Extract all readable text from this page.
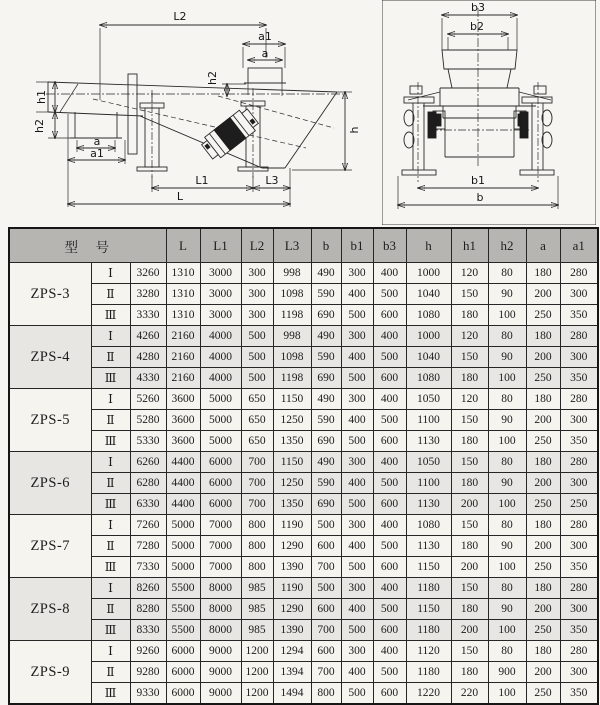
L2
a1
a
h2
a
a1
h1
h2	h
L1	L3
L
b3
b2
b1
b
型　号			L	L1	L2	L3	b	b1	b3	h	h1	h2	a	a1
ZPS-3	Ⅰ	3260	1310	3000	300	998	490	300	400	1000	120	80	180	280
	Ⅱ	3280	1310	3000	300	1098	590	400	500	1040	150	90	200	300
	Ⅲ	3330	1310	3000	300	1198	690	500	600	1080	180	100	250	350
ZPS-4	Ⅰ	4260	2160	4000	500	998	490	300	400	1000	120	80	180	280
	Ⅱ	4280	2160	4000	500	1098	590	400	500	1040	150	90	200	300
	Ⅲ	4330	2160	4000	500	1198	690	500	600	1080	180	100	250	350
ZPS-5	Ⅰ	5260	3600	5000	650	1150	490	300	400	1050	120	80	180	280
	Ⅱ	5280	3600	5000	650	1250	590	400	500	1100	150	90	200	300
	Ⅲ	5330	3600	5000	650	1350	690	500	600	1130	180	100	250	350
ZPS-6	Ⅰ	6260	4400	6000	700	1150	490	300	400	1050	150	80	180	280
	Ⅱ	6280	4400	6000	700	1250	590	400	500	1100	180	90	200	300
	Ⅲ	6330	4400	6000	700	1350	690	500	600	1130	200	100	250	250
ZPS-7	Ⅰ	7260	5000	7000	800	1190	500	300	400	1080	150	80	180	280
	Ⅱ	7280	5000	7000	800	1290	600	400	500	1130	180	90	200	300
	Ⅲ	7330	5000	7000	800	1390	700	500	600	1150	200	100	250	350
ZPS-8	Ⅰ	8260	5500	8000	985	1190	500	300	400	1180	150	80	180	280
	Ⅱ	8280	5500	8000	985	1290	600	400	500	1150	180	90	200	300
	Ⅲ	8330	5500	8000	985	1390	700	500	600	1180	200	100	250	350
ZPS-9	Ⅰ	9260	6000	9000	1200	1294	600	300	400	1120	150	80	180	280
	Ⅱ	9280	6000	9000	1200	1394	700	400	500	1180	180	900	200	300
	Ⅲ	9330	6000	9000	1200	1494	800	500	600	1220	220	100	250	350
